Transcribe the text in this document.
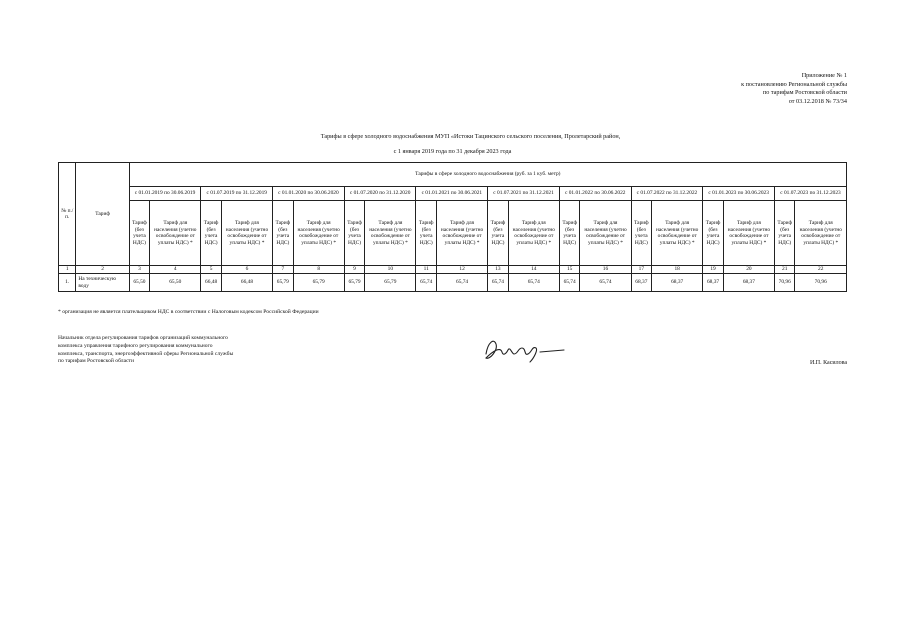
Приложение № 1
к постановлению Региональной службы
по тарифам Ростовской области
от 03.12.2018 № 73/34
Тарифы в сфере холодного водоснабжения МУП «Истоки Тацинского сельского поселения, Пролетарский район,
с 1 января 2019 года по 31 декабря 2023 года
№ п./п.	Тариф	Тарифы в сфере холодного водоснабжения (руб. за 1 куб. метр)																			
		с 01.01.2019 по 30.06.2019		с 01.07.2019 по 31.12.2019		с 01.01.2020 по 30.06.2020		с 01.07.2020 по 31.12.2020		с 01.01.2021 по 30.06.2021		с 01.07.2021 по 31.12.2021		с 01.01.2022 по 30.06.2022		с 01.07.2022 по 31.12.2022		с 01.01.2023 по 30.06.2023		с 01.07.2023 по 31.12.2023	
		Тариф (без учета НДС)	Тариф для населения (учетно освобождение от уплаты НДС) *	Тариф (без учета НДС)	Тариф для населения (учетно освобождение от уплаты НДС) *	Тариф (без учета НДС)	Тариф для населения (учетно освобождение от уплаты НДС) *	Тариф (без учета НДС)	Тариф для населения (учетно освобождение от уплаты НДС) *	Тариф (без учета НДС)	Тариф для населения (учетно освобождение от уплаты НДС) *	Тариф (без учета НДС)	Тариф для населения (учетно освобождение от уплаты НДС) *	Тариф (без учета НДС)	Тариф для населения (учетно освобождение от уплаты НДС) *	Тариф (без учета НДС)	Тариф для населения (учетно освобождение от уплаты НДС) *	Тариф (без учета НДС)	Тариф для населения (учетно освобождение от уплаты НДС) *	Тариф (без учета НДС)	Тариф для населения (учетно освобождение от уплаты НДС) *
1	2	3	4	5	6	7	8	9	10	11	12	13	14	15	16	17	18	19	20	21	22
1.	На техническую воду	65,50	65,50	66,48	66,48	65,79	65,79	65,79	65,79	65,74	65,74	65,74	65,74	65,74	65,74	68,37	68,37	68,37	68,37	70,96	70,96
* организация не является плательщиком НДС в соответствии с Налоговым кодексом Российской Федерации
Начальник отдела регулирования тарифов организаций коммунального
комплекса управления тарифного регулирования коммунального
комплекса, транспорта, энергоэффективной сферы Региональной службы
по тарифам Ростовской области	И.П. Касилова
